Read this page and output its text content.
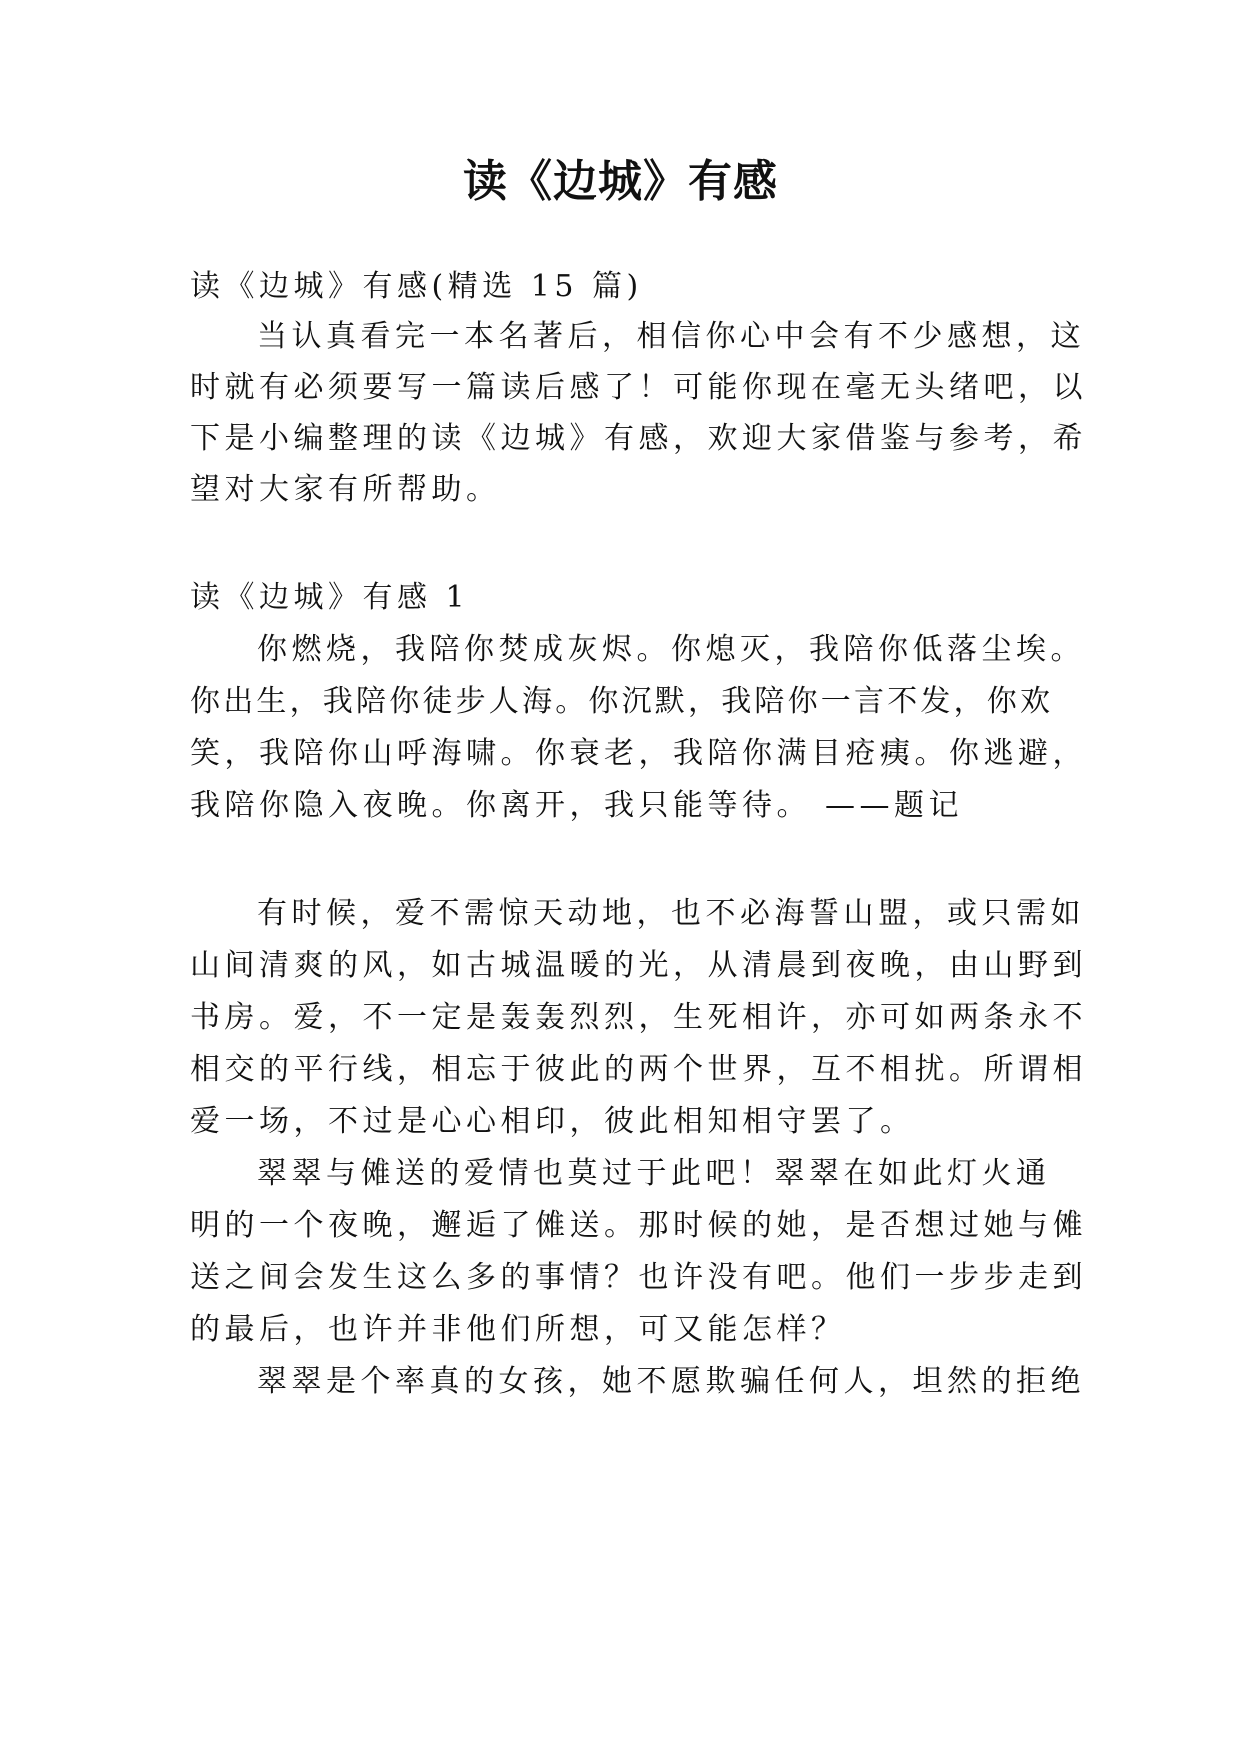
读《边城》有感
读《边城》有感(精选 15 篇)
当认真看完一本名著后，相信你心中会有不少感想，这
时就有必须要写一篇读后感了！可能你现在毫无头绪吧，以
下是小编整理的读《边城》有感，欢迎大家借鉴与参考，希
望对大家有所帮助。
读《边城》有感 1
你燃烧，我陪你焚成灰烬。你熄灭，我陪你低落尘埃。
你出生，我陪你徒步人海。你沉默，我陪你一言不发，你欢
笑，我陪你山呼海啸。你衰老，我陪你满目疮痍。你逃避，
我陪你隐入夜晚。你离开，我只能等待。 ——题记
有时候，爱不需惊天动地，也不必海誓山盟，或只需如
山间清爽的风，如古城温暖的光，从清晨到夜晚，由山野到
书房。爱，不一定是轰轰烈烈，生死相许，亦可如两条永不
相交的平行线，相忘于彼此的两个世界，互不相扰。所谓相
爱一场，不过是心心相印，彼此相知相守罢了。
翠翠与傩送的爱情也莫过于此吧！翠翠在如此灯火通
明的一个夜晚，邂逅了傩送。那时候的她，是否想过她与傩
送之间会发生这么多的事情？也许没有吧。他们一步步走到
的最后，也许并非他们所想，可又能怎样？
翠翠是个率真的女孩，她不愿欺骗任何人，坦然的拒绝
